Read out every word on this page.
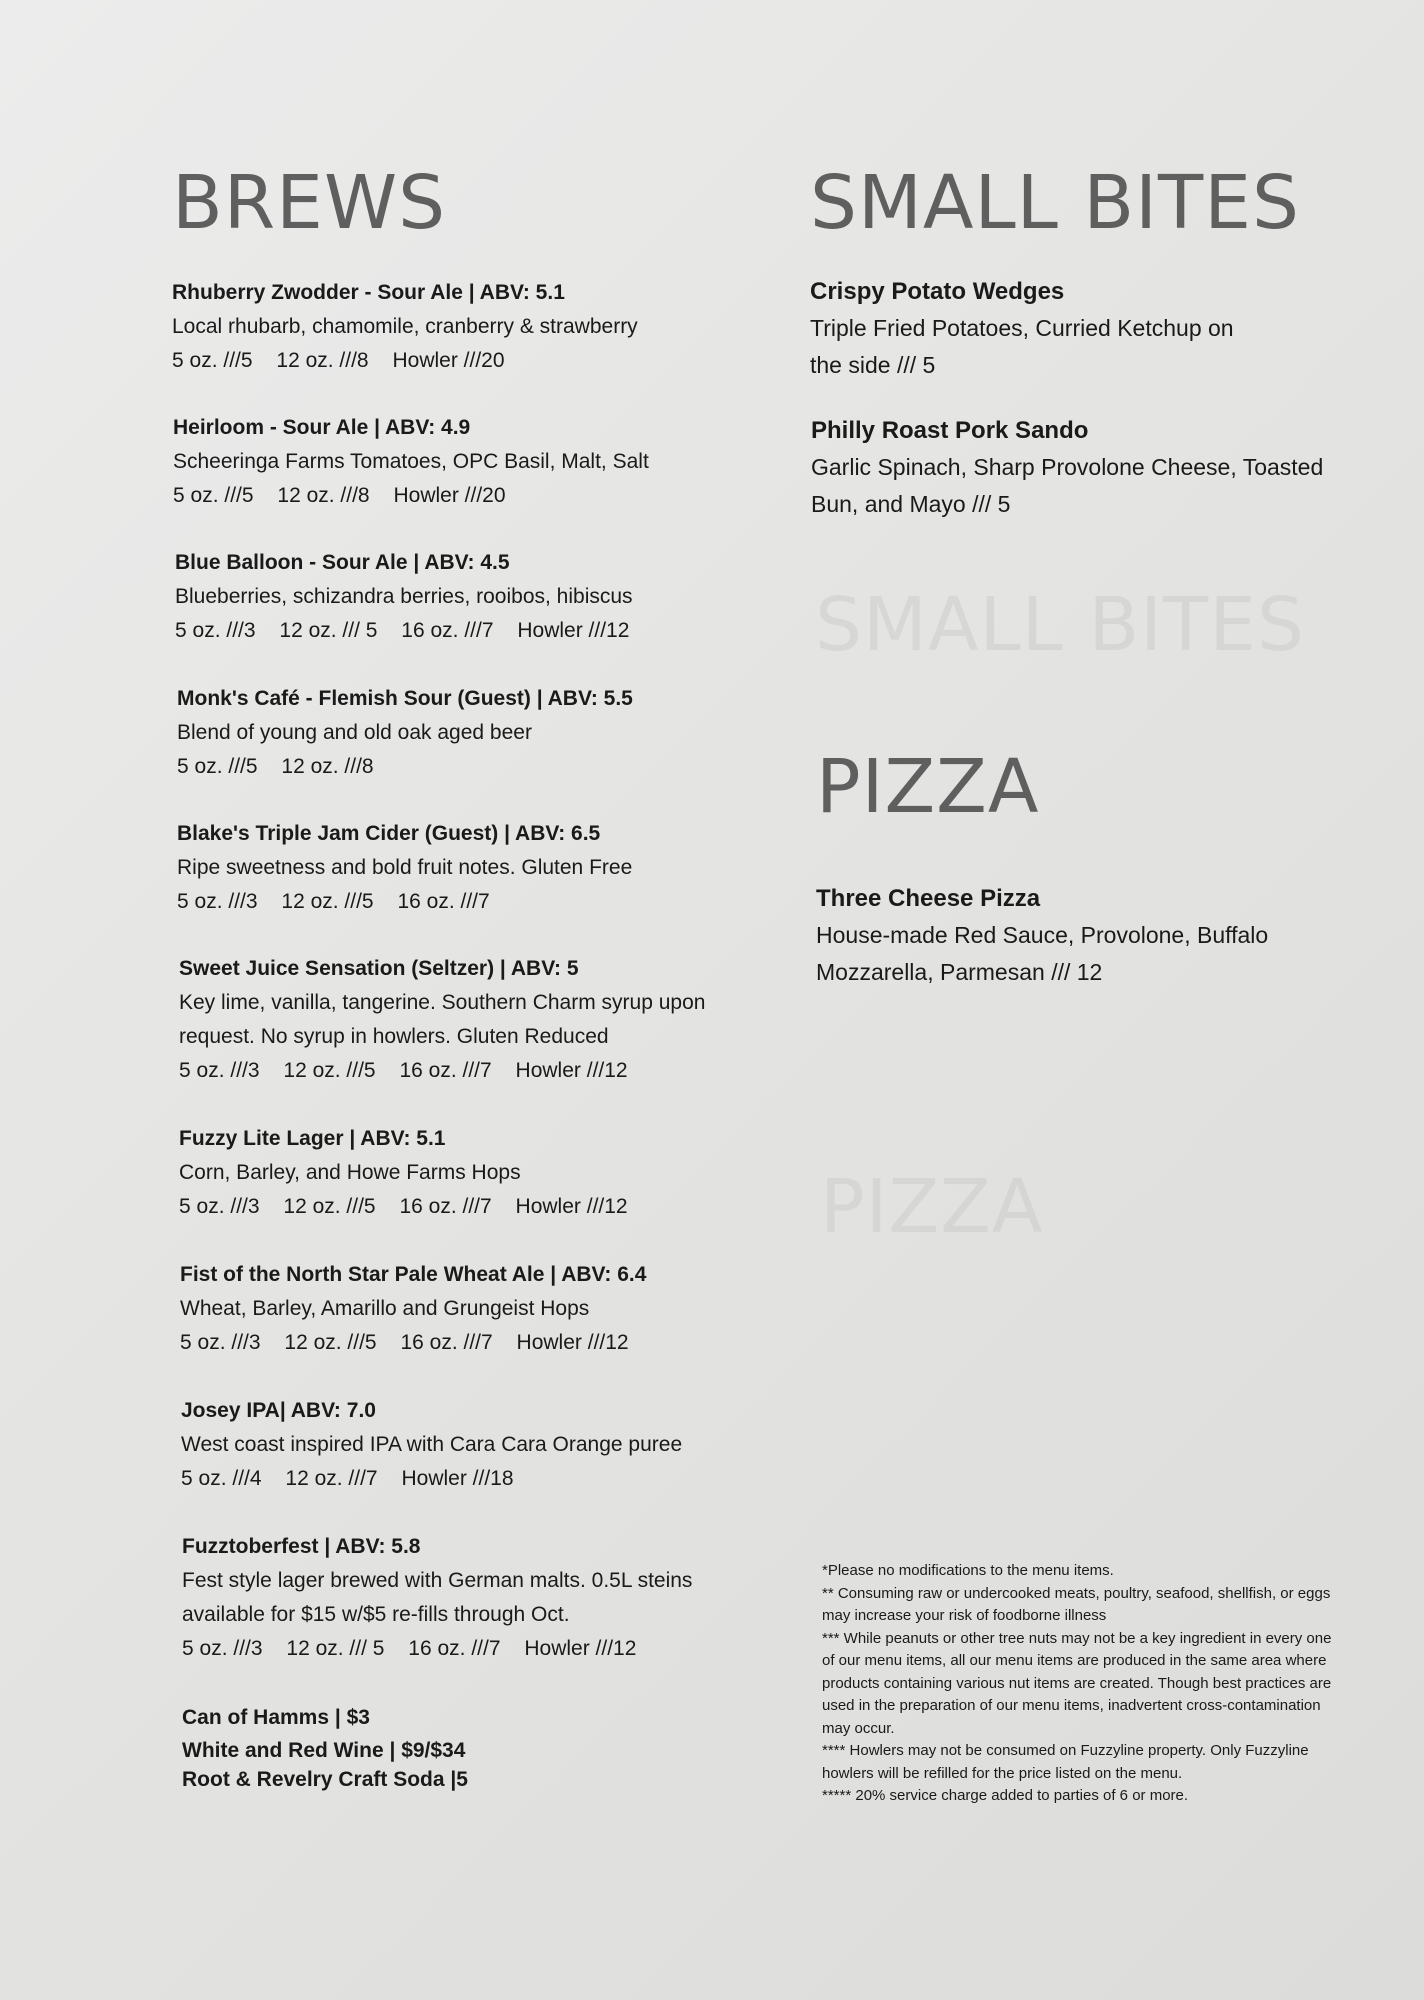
BREWS
Rhuberry Zwodder - Sour Ale | ABV: 5.1
Local rhubarb, chamomile, cranberry & strawberry
5 oz. ///5 12 oz. ///8 Howler ///20
Heirloom - Sour Ale | ABV: 4.9
Scheeringa Farms Tomatoes, OPC Basil, Malt, Salt
5 oz. ///5 12 oz. ///8 Howler ///20
Blue Balloon - Sour Ale | ABV: 4.5
Blueberries, schizandra berries, rooibos, hibiscus
5 oz. ///3 12 oz. /// 5 16 oz. ///7 Howler ///12
Monk's Café - Flemish Sour (Guest) | ABV: 5.5
Blend of young and old oak aged beer
5 oz. ///5 12 oz. ///8
Blake's Triple Jam Cider (Guest) | ABV: 6.5
Ripe sweetness and bold fruit notes. Gluten Free
5 oz. ///3 12 oz. ///5 16 oz. ///7
Sweet Juice Sensation (Seltzer) | ABV: 5
Key lime, vanilla, tangerine. Southern Charm syrup upon request. No syrup in howlers. Gluten Reduced
5 oz. ///3 12 oz. ///5 16 oz. ///7 Howler ///12
Fuzzy Lite Lager | ABV: 5.1
Corn, Barley, and Howe Farms Hops
5 oz. ///3 12 oz. ///5 16 oz. ///7 Howler ///12
Fist of the North Star Pale Wheat Ale | ABV: 6.4
Wheat, Barley, Amarillo and Grungeist Hops
5 oz. ///3 12 oz. ///5 16 oz. ///7 Howler ///12
Josey IPA| ABV: 7.0
West coast inspired IPA with Cara Cara Orange puree
5 oz. ///4 12 oz. ///7 Howler ///18
Fuzztoberfest | ABV: 5.8
Fest style lager brewed with German malts. 0.5L steins available for $15 w/$5 re-fills through Oct.
5 oz. ///3 12 oz. /// 5 16 oz. ///7 Howler ///12
Can of Hamms | $3
White and Red Wine | $9/$34
Root & Revelry Craft Soda |5
SMALL BITES
Crispy Potato Wedges
Triple Fried Potatoes, Curried Ketchup on the side /// 5
Philly Roast Pork Sando
Garlic Spinach, Sharp Provolone Cheese, Toasted Bun, and Mayo /// 5
SMALL BITES
PIZZA
Three Cheese Pizza
House-made Red Sauce, Provolone, Buffalo Mozzarella, Parmesan /// 12
PIZZA

*Please no modifications to the menu items.

** Consuming raw or undercooked meats, poultry, seafood, shellfish, or eggs may increase your risk of foodborne illness

*** While peanuts or other tree nuts may not be a key ingredient in every one of our menu items, all our menu items are produced in the same area where products containing various nut items are created. Though best practices are used in the preparation of our menu items, inadvertent cross-contamination may occur.

**** Howlers may not be consumed on Fuzzyline property. Only Fuzzyline howlers will be refilled for the price listed on the menu.

***** 20% service charge added to parties of 6 or more.
